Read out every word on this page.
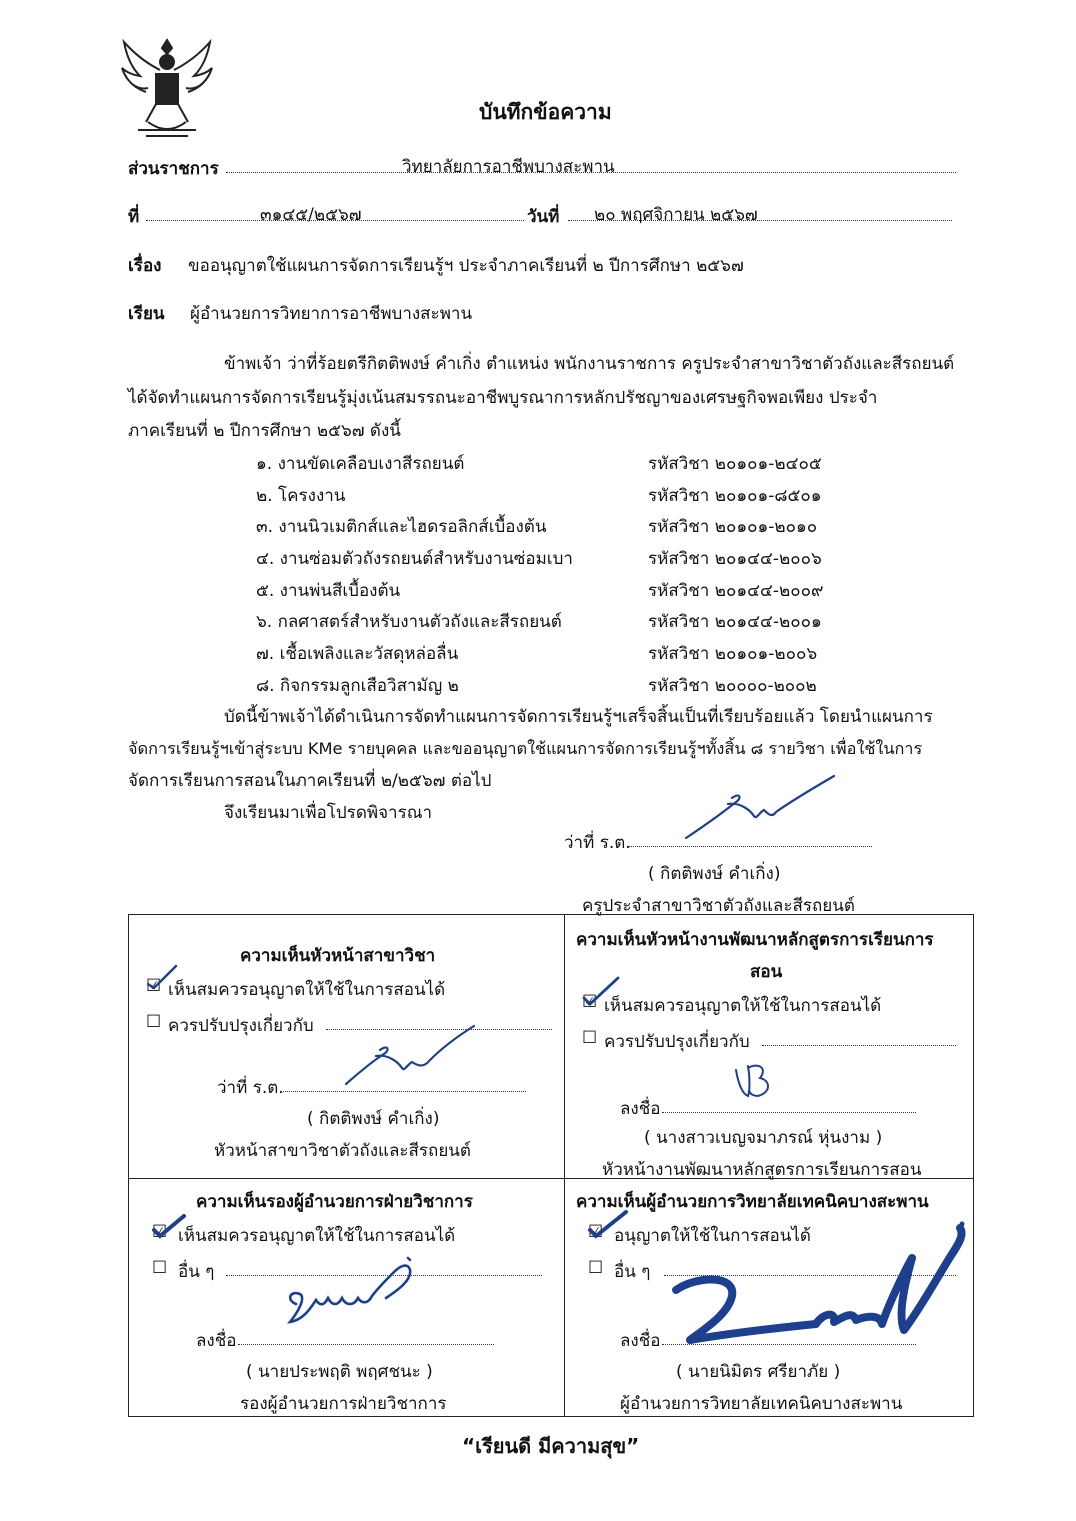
บันทึกข้อความ
ส่วนราชการ	วิทยาลัยการอาชีพบางสะพาน
ที่	๓๑๔๕/๒๕๖๗	วันที่ ๒๐ พฤศจิกายน ๒๕๖๗
เรื่อง ขออนุญาตใช้แผนการจัดการเรียนรู้ฯ ประจำภาคเรียนที่ ๒ ปีการศึกษา ๒๕๖๗
เรียน ผู้อำนวยการวิทยาการอาชีพบางสะพาน
ข้าพเจ้า ว่าที่ร้อยตรีกิตติพงษ์ คำเกิ่ง ตำแหน่ง พนักงานราชการ ครูประจำสาขาวิชาตัวถังและสีรถยนต์
ได้จัดทำแผนการจัดการเรียนรู้มุ่งเน้นสมรรถนะอาชีพบูรณาการหลักปรัชญาของเศรษฐกิจพอเพียง ประจำ
ภาคเรียนที่ ๒ ปีการศึกษา ๒๕๖๗ ดังนี้
๑. งานขัดเคลือบเงาสีรถยนต์	รหัสวิชา ๒๐๑๐๑-๒๔๐๕
๒. โครงงาน	รหัสวิชา ๒๐๑๐๑-๘๕๐๑
๓. งานนิวเมติกส์และไฮดรอลิกส์เบื้องต้น	รหัสวิชา ๒๐๑๐๑-๒๐๑๐
๔. งานซ่อมตัวถังรถยนต์สำหรับงานซ่อมเบา	รหัสวิชา ๒๐๑๔๔-๒๐๐๖
๕. งานพ่นสีเบื้องต้น	รหัสวิชา ๒๐๑๔๔-๒๐๐๙
๖. กลศาสตร์สำหรับงานตัวถังและสีรถยนต์	รหัสวิชา ๒๐๑๔๔-๒๐๐๑
๗. เชื้อเพลิงและวัสดุหล่อลื่น	รหัสวิชา ๒๐๑๐๑-๒๐๐๖
๘. กิจกรรมลูกเสือวิสามัญ ๒	รหัสวิชา ๒๐๐๐๐-๒๐๐๒
บัดนี้ข้าพเจ้าได้ดำเนินการจัดทำแผนการจัดการเรียนรู้ฯเสร็จสิ้นเป็นที่เรียบร้อยแล้ว โดยนำแผนการ
จัดการเรียนรู้ฯเข้าสู่ระบบ KMe รายบุคคล และขออนุญาตใช้แผนการจัดการเรียนรู้ฯทั้งสิ้น ๘ รายวิชา เพื่อใช้ในการ
จัดการเรียนการสอนในภาคเรียนที่ ๒/๒๕๖๗ ต่อไป
จึงเรียนมาเพื่อโปรดพิจารณา
ว่าที่ ร.ต.
( กิตติพงษ์ คำเกิ่ง)
ครูประจำสาขาวิชาตัวถังและสีรถยนต์
ความเห็นหัวหน้าสาขาวิชา
☑ เห็นสมควรอนุญาตให้ใช้ในการสอนได้
☐ ควรปรับปรุงเกี่ยวกับ
ว่าที่ ร.ต.
( กิตติพงษ์ คำเกิ่ง)
หัวหน้าสาขาวิชาตัวถังและสีรถยนต์
ความเห็นหัวหน้างานพัฒนาหลักสูตรการเรียนการ
สอน
☑ เห็นสมควรอนุญาตให้ใช้ในการสอนได้
☐ ควรปรับปรุงเกี่ยวกับ
ลงชื่อ
( นางสาวเบญจมาภรณ์ หุ่นงาม )
หัวหน้างานพัฒนาหลักสูตรการเรียนการสอน
ความเห็นรองผู้อำนวยการฝ่ายวิชาการ
☑ เห็นสมควรอนุญาตให้ใช้ในการสอนได้
☐ อื่น ๆ
ลงชื่อ
( นายประพฤติ พฤศชนะ )
รองผู้อำนวยการฝ่ายวิชาการ
ความเห็นผู้อำนวยการวิทยาลัยเทคนิคบางสะพาน
☑ อนุญาตให้ใช้ในการสอนได้
☐ อื่น ๆ
ลงชื่อ
( นายนิมิตร ศรียาภัย )
ผู้อำนวยการวิทยาลัยเทคนิคบางสะพาน
“เรียนดี มีความสุข”
